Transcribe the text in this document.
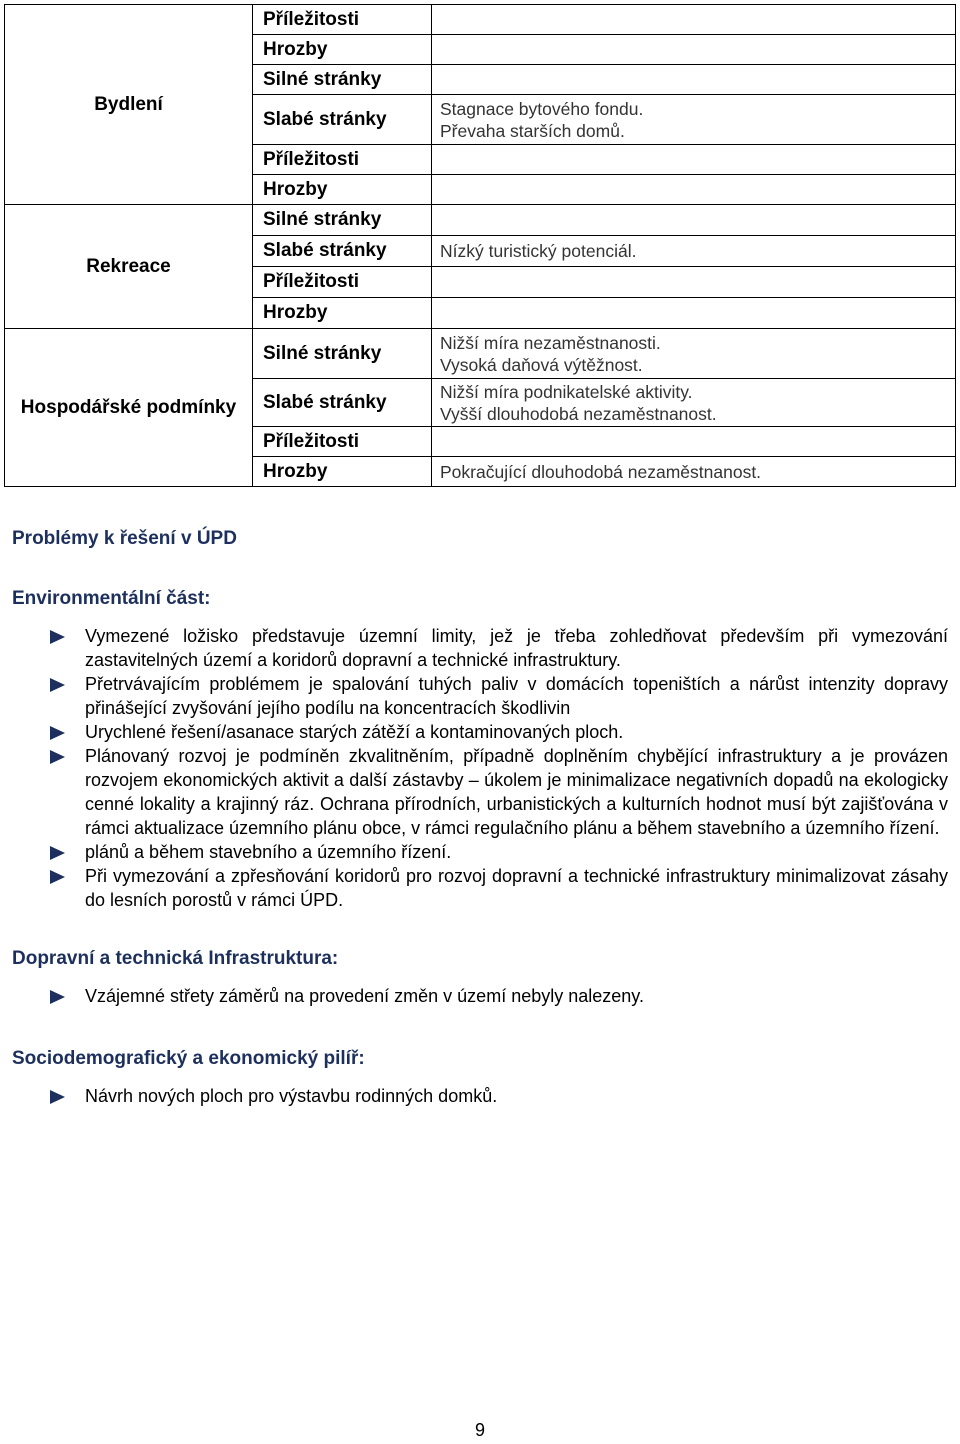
Bydlení	Příležitosti	
	Hrozby	
	Silné stránky	
	Slabé stránky	Stagnace bytového fondu.
Převaha starších domů.
	Příležitosti	
	Hrozby	
Rekreace	Silné stránky	
	Slabé stránky	Nízký turistický potenciál.
	Příležitosti	
	Hrozby	
Hospodářské podmínky	Silné stránky	Nižší míra nezaměstnanosti.
Vysoká daňová výtěžnost.
	Slabé stránky	Nižší míra podnikatelské aktivity.
Vyšší dlouhodobá nezaměstnanost.
	Příležitosti	
	Hrozby	Pokračující dlouhodobá nezaměstnanost.

Problémy k řešení v ÚPD

Environmentální část:

Vymezené ložisko představuje územní limity, jež je třeba zohledňovat především při vymezování zastavitelných území a koridorů dopravní a technické infrastruktury.
Přetrvávajícím problémem je spalování tuhých paliv v domácích topeništích a nárůst intenzity dopravy přinášející zvyšování jejího podílu na koncentracích škodlivin
Urychlené řešení/asanace starých zátěží a kontaminovaných ploch.
Plánovaný rozvoj je podmíněn zkvalitněním, případně doplněním chybějící infrastruktury a je provázen rozvojem ekonomických aktivit a další zástavby – úkolem je minimalizace negativních dopadů na ekologicky cenné lokality a krajinný ráz. Ochrana přírodních, urbanistických a kulturních hodnot musí být zajišťována v rámci aktualizace územního plánu obce, v rámci regulačního plánu a během stavebního a územního řízení.
plánů a během stavebního a územního řízení.
Při vymezování a zpřesňování koridorů pro rozvoj dopravní a technické infrastruktury minimalizovat zásahy do lesních porostů v rámci ÚPD.

Dopravní a technická Infrastruktura:

Vzájemné střety záměrů na provedení změn v území nebyly nalezeny.

Sociodemografický a ekonomický pilíř:

Návrh nových ploch pro výstavbu rodinných domků.
9
